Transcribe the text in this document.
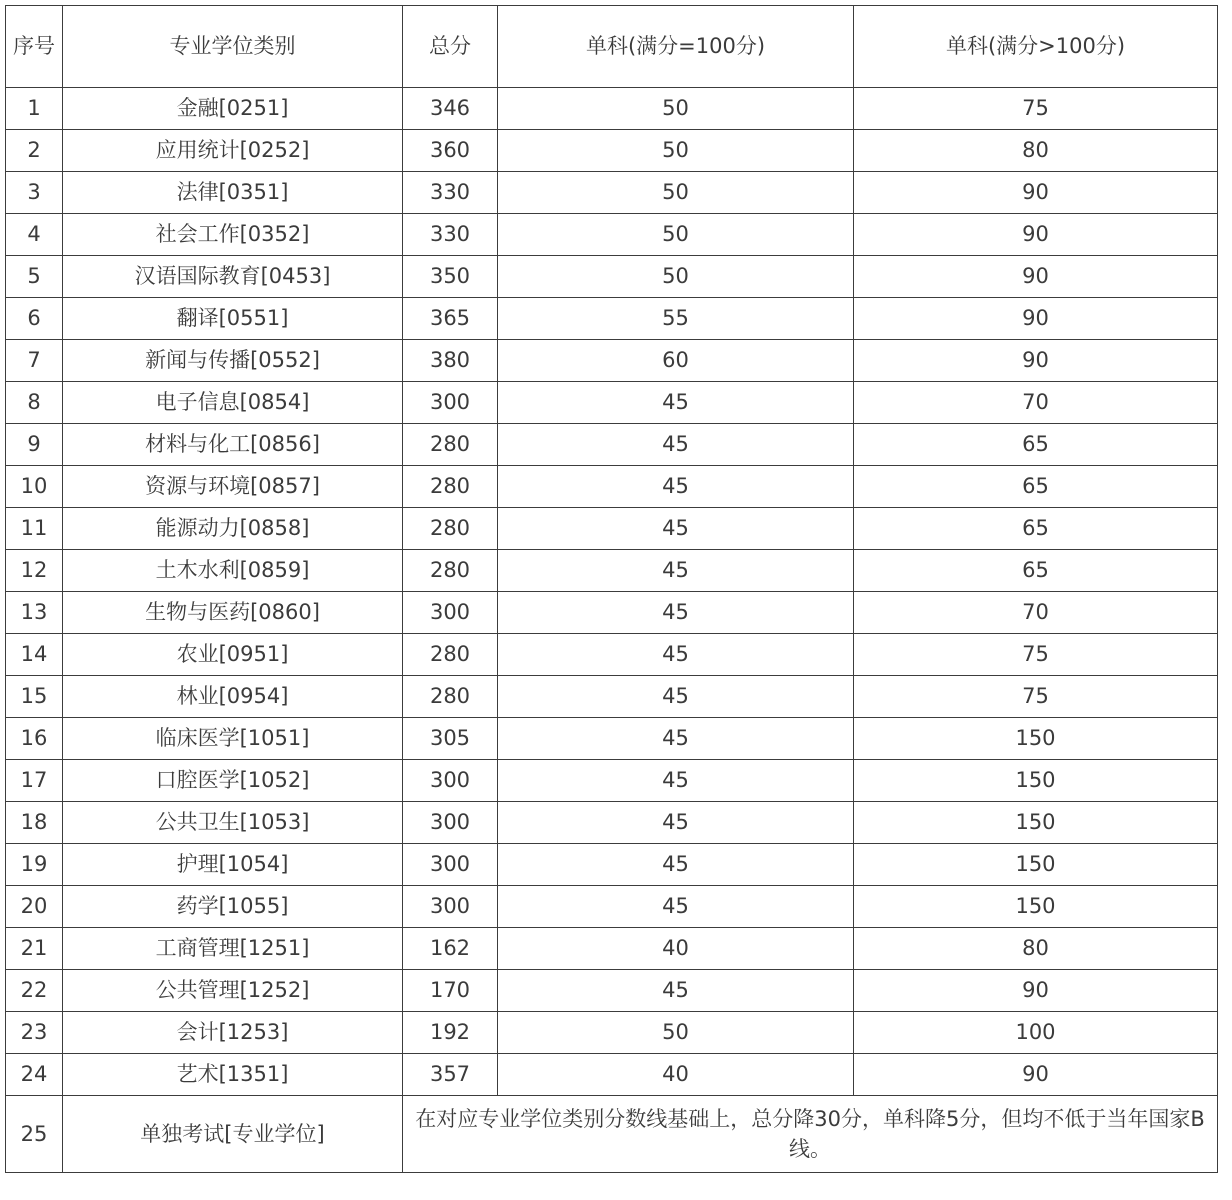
序号	专业学位类别	总分	单科(满分=100分)	单科(满分>100分)
1	金融[0251]	346	50	75
2	应用统计[0252]	360	50	80
3	法律[0351]	330	50	90
4	社会工作[0352]	330	50	90
5	汉语国际教育[0453]	350	50	90
6	翻译[0551]	365	55	90
7	新闻与传播[0552]	380	60	90
8	电子信息[0854]	300	45	70
9	材料与化工[0856]	280	45	65
10	资源与环境[0857]	280	45	65
11	能源动力[0858]	280	45	65
12	土木水利[0859]	280	45	65
13	生物与医药[0860]	300	45	70
14	农业[0951]	280	45	75
15	林业[0954]	280	45	75
16	临床医学[1051]	305	45	150
17	口腔医学[1052]	300	45	150
18	公共卫生[1053]	300	45	150
19	护理[1054]	300	45	150
20	药学[1055]	300	45	150
21	工商管理[1251]	162	40	80
22	公共管理[1252]	170	45	90
23	会计[1253]	192	50	100
24	艺术[1351]	357	40	90
25	单独考试[专业学位]	在对应专业学位类别分数线基础上，总分降30分，单科降5分，但均不低于当年国家B线。		
